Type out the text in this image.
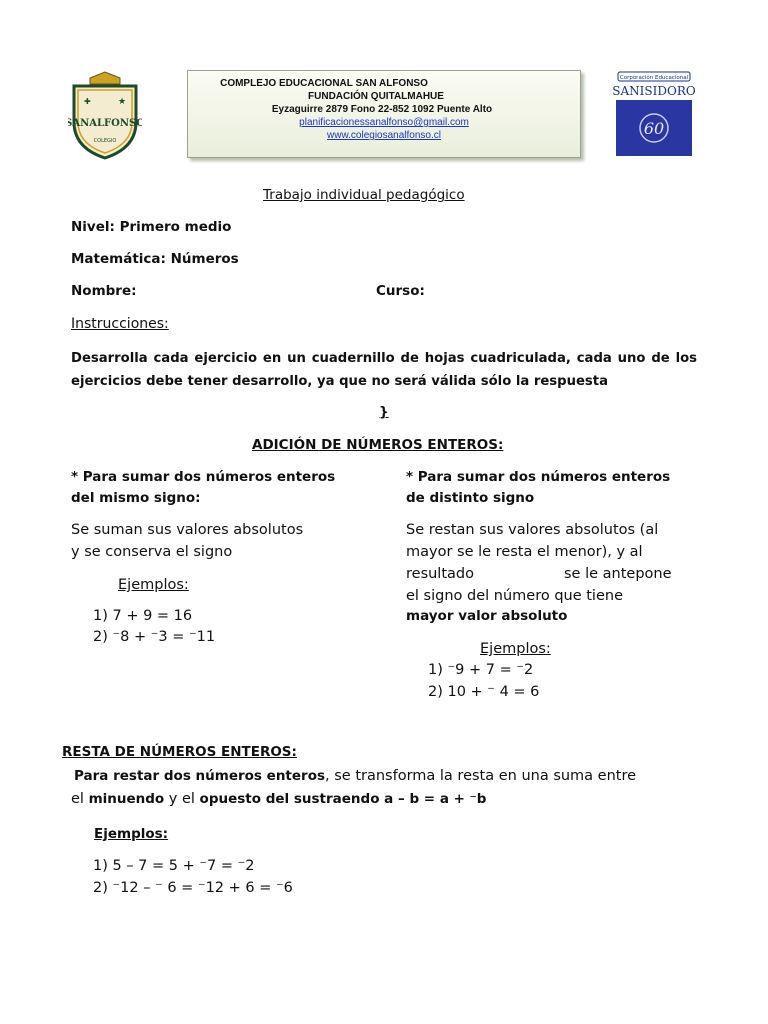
✚	★
SANALFONSO
COLEGIO
COMPLEJO EDUCACIONAL SAN ALFONSO
FUNDACIÓN QUITALMAHUE
Eyzaguirre 2879 Fono 22-852 1092 Puente Alto
planificacionessanalfonso@gmail.com
www.colegiosanalfonso.cl
Corporación Educacional
SANISIDORO
60
Trabajo individual pedagógico
Nivel: Primero medio
Matemática: Números
Nombre:	Curso:
Instrucciones:
Desarrolla cada ejercicio en un cuadernillo de hojas cuadriculada, cada uno de los
ejercicios debe tener desarrollo, ya que no será válida sólo la respuesta
}
ADICIÓN DE NÚMEROS ENTEROS:
* Para sumar dos números enteros
del mismo signo:
Se suman sus valores absolutos
y se conserva el signo
Ejemplos:
1) 7 + 9 = 16
2) ⁻8 + ⁻3 = ⁻11
* Para sumar dos números enteros
de distinto signo
Se restan sus valores absolutos (al
mayor se le resta el menor), y al
resultado	se le antepone
el signo del número que tiene
mayor valor absoluto
Ejemplos:
1) ⁻9 + 7 = ⁻2
2) 10 + ⁻ 4 = 6
RESTA DE NÚMEROS ENTEROS:
Para restar dos números enteros, se transforma la resta en una suma entre
el minuendo y el opuesto del sustraendo a – b = a + ⁻b
Ejemplos:
1) 5 – 7 = 5 + ⁻7 = ⁻2
2) ⁻12 – ⁻ 6 = ⁻12 + 6 = ⁻6
